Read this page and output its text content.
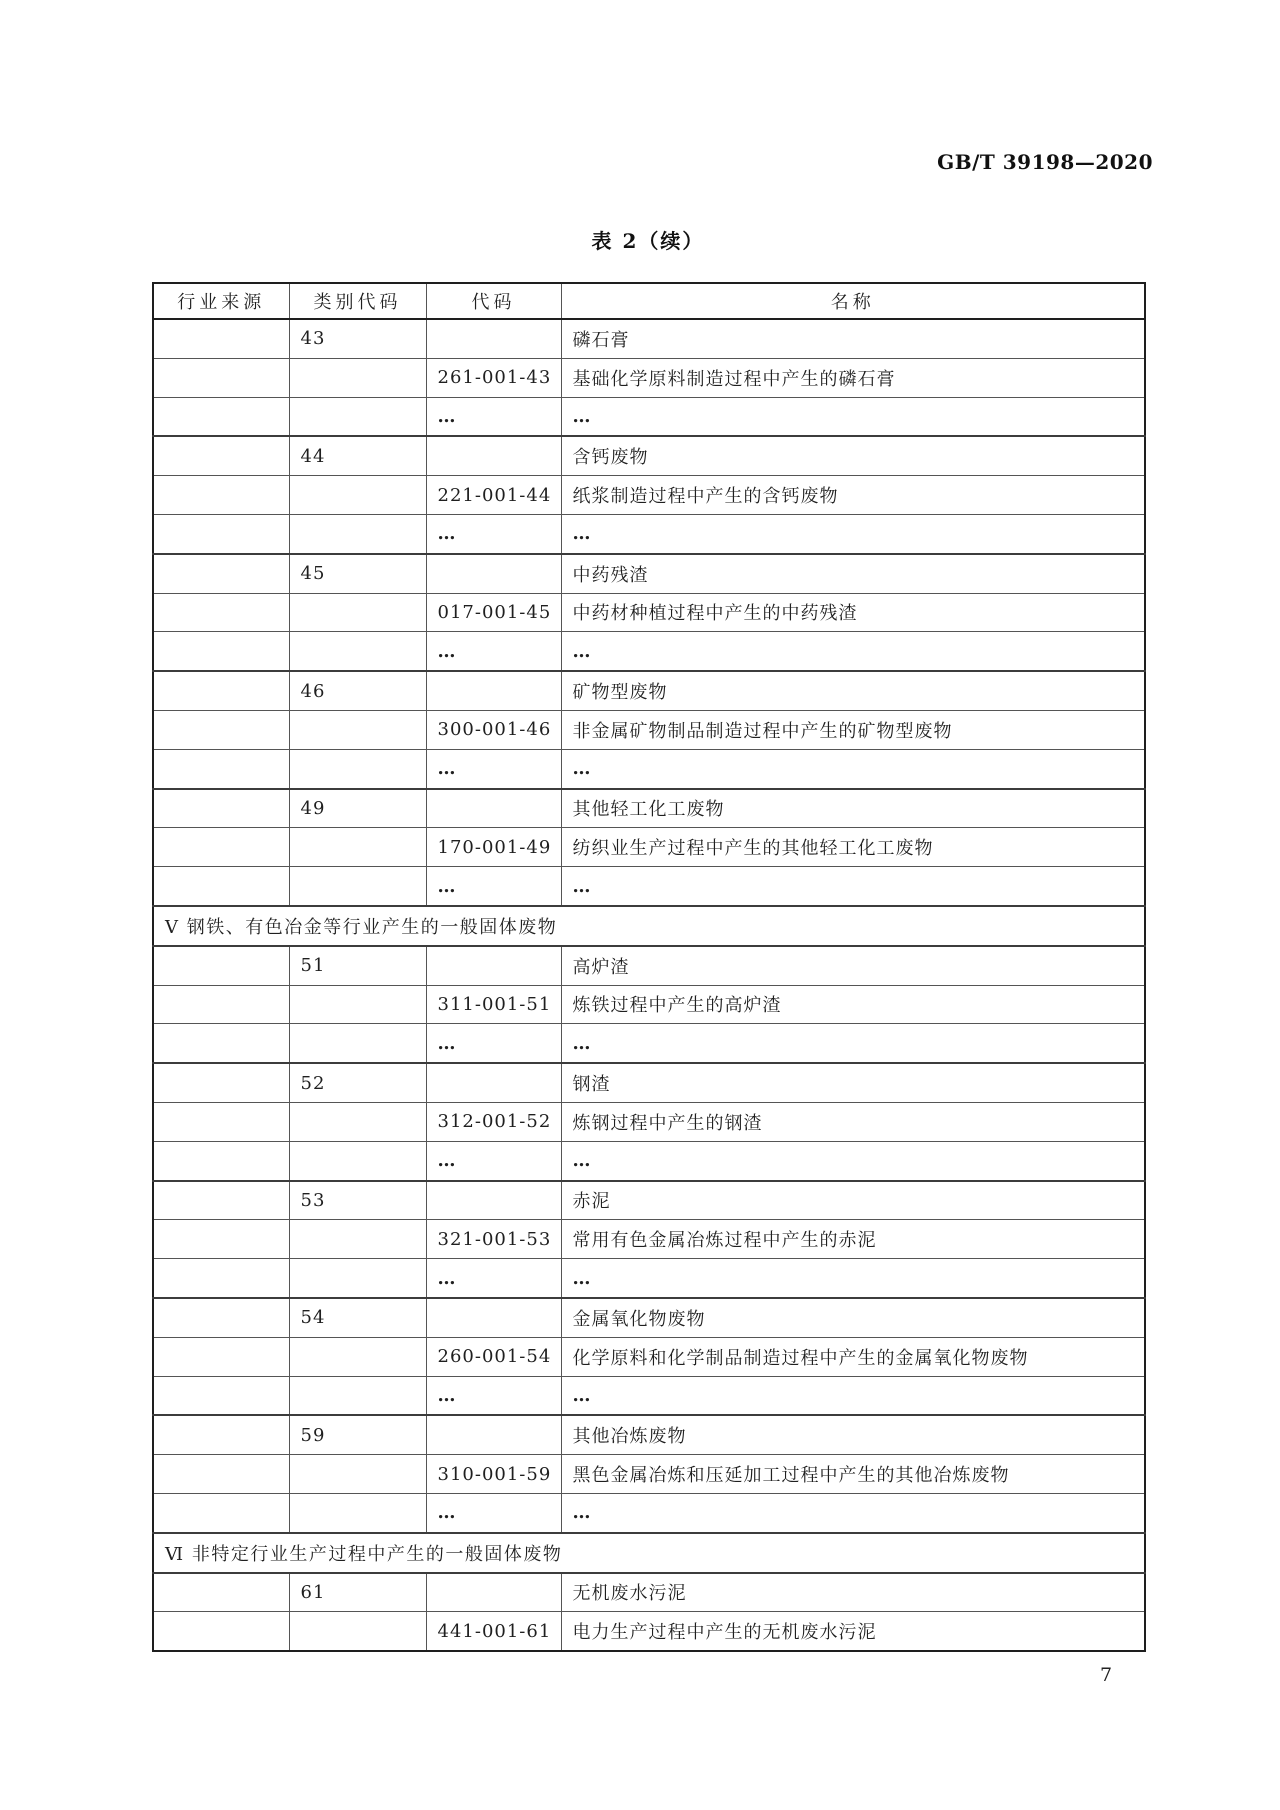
GB/T 39198—2020
表 2（续）
行业来源	类别代码	代码	名称
	43		磷石膏
		261-001-43	基础化学原料制造过程中产生的磷石膏
		…	…
	44		含钙废物
		221-001-44	纸浆制造过程中产生的含钙废物
		…	…
	45		中药残渣
		017-001-45	中药材种植过程中产生的中药残渣
		…	…
	46		矿物型废物
		300-001-46	非金属矿物制品制造过程中产生的矿物型废物
		…	…
	49		其他轻工化工废物
		170-001-49	纺织业生产过程中产生的其他轻工化工废物
		…	…
Ⅴ 钢铁、有色冶金等行业产生的一般固体废物			
	51		高炉渣
		311-001-51	炼铁过程中产生的高炉渣
		…	…
	52		钢渣
		312-001-52	炼钢过程中产生的钢渣
		…	…
	53		赤泥
		321-001-53	常用有色金属冶炼过程中产生的赤泥
		…	…
	54		金属氧化物废物
		260-001-54	化学原料和化学制品制造过程中产生的金属氧化物废物
		…	…
	59		其他冶炼废物
		310-001-59	黑色金属冶炼和压延加工过程中产生的其他冶炼废物
		…	…
Ⅵ 非特定行业生产过程中产生的一般固体废物			
	61		无机废水污泥
		441-001-61	电力生产过程中产生的无机废水污泥
7
